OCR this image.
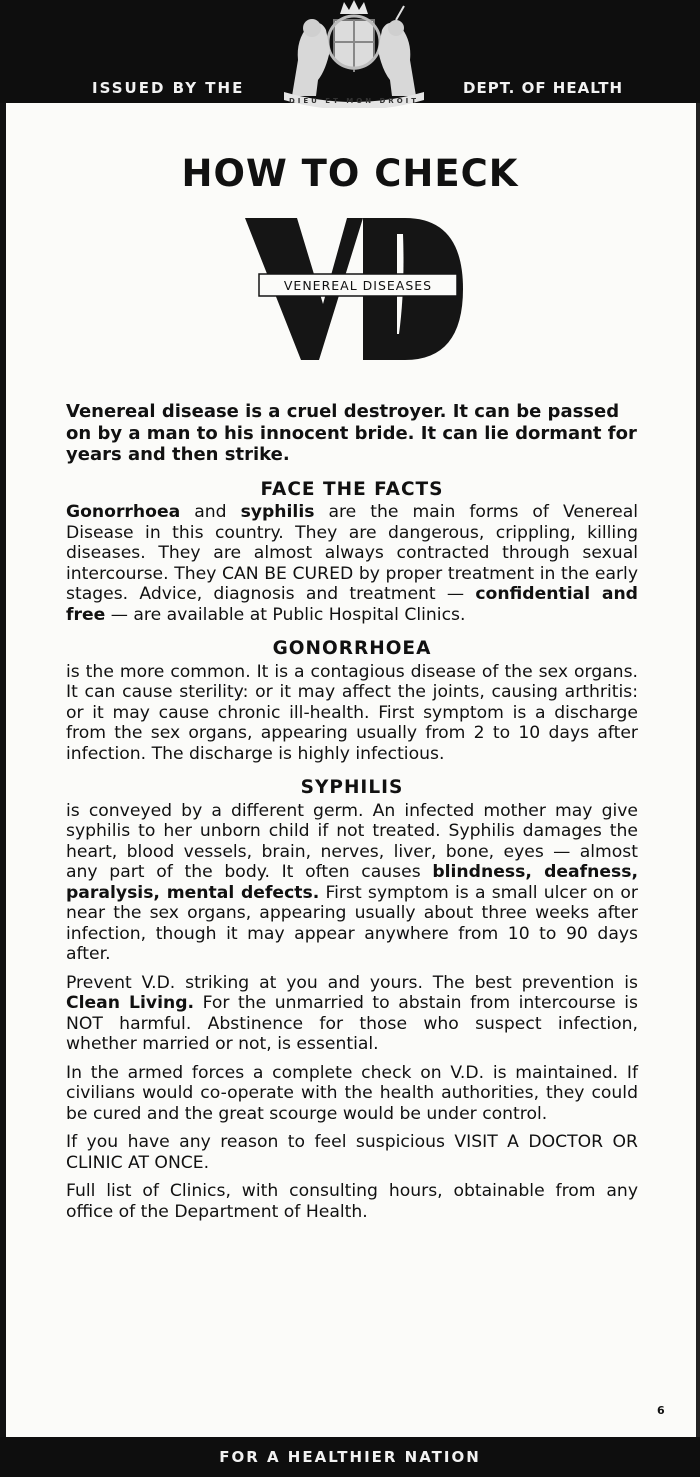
ISSUED BY THE	DEPT. OF HEALTH
DIEU ET MON DROIT
HOW TO CHECK
VENEREAL DISEASES

Venereal disease is a cruel destroyer. It can be passed on by a man to his innocent bride. It can lie dormant for years and then strike.

FACE THE FACTS

Gonorrhoea and syphilis are the main forms of Venereal Disease in this country. They are dangerous, crippling, killing diseases. They are almost always contracted through sexual intercourse. They CAN BE CURED by proper treatment in the early stages. Advice, diagnosis and treatment — confidential and free — are available at Public Hospital Clinics.

GONORRHOEA

is the more common. It is a contagious disease of the sex organs. It can cause sterility: or it may affect the joints, causing arthritis: or it may cause chronic ill-health. First symptom is a discharge from the sex organs, appearing usually from 2 to 10 days after infection. The discharge is highly infectious.

SYPHILIS

is conveyed by a different germ. An infected mother may give syphilis to her unborn child if not treated. Syphilis damages the heart, blood vessels, brain, nerves, liver, bone, eyes — almost any part of the body. It often causes blindness, deafness, paralysis, mental defects. First symptom is a small ulcer on or near the sex organs, appearing usually about three weeks after infection, though it may appear anywhere from 10 to 90 days after.

Prevent V.D. striking at you and yours. The best prevention is Clean Living. For the unmarried to abstain from intercourse is NOT harmful. Abstinence for those who suspect infection, whether married or not, is essential.

In the armed forces a complete check on V.D. is maintained. If civilians would co-operate with the health authorities, they could be cured and the great scourge would be under control.

If you have any reason to feel suspicious VISIT A DOCTOR OR CLINIC AT ONCE.

Full list of Clinics, with consulting hours, obtainable from any office of the Department of Health.

6
FOR A HEALTHIER NATION
